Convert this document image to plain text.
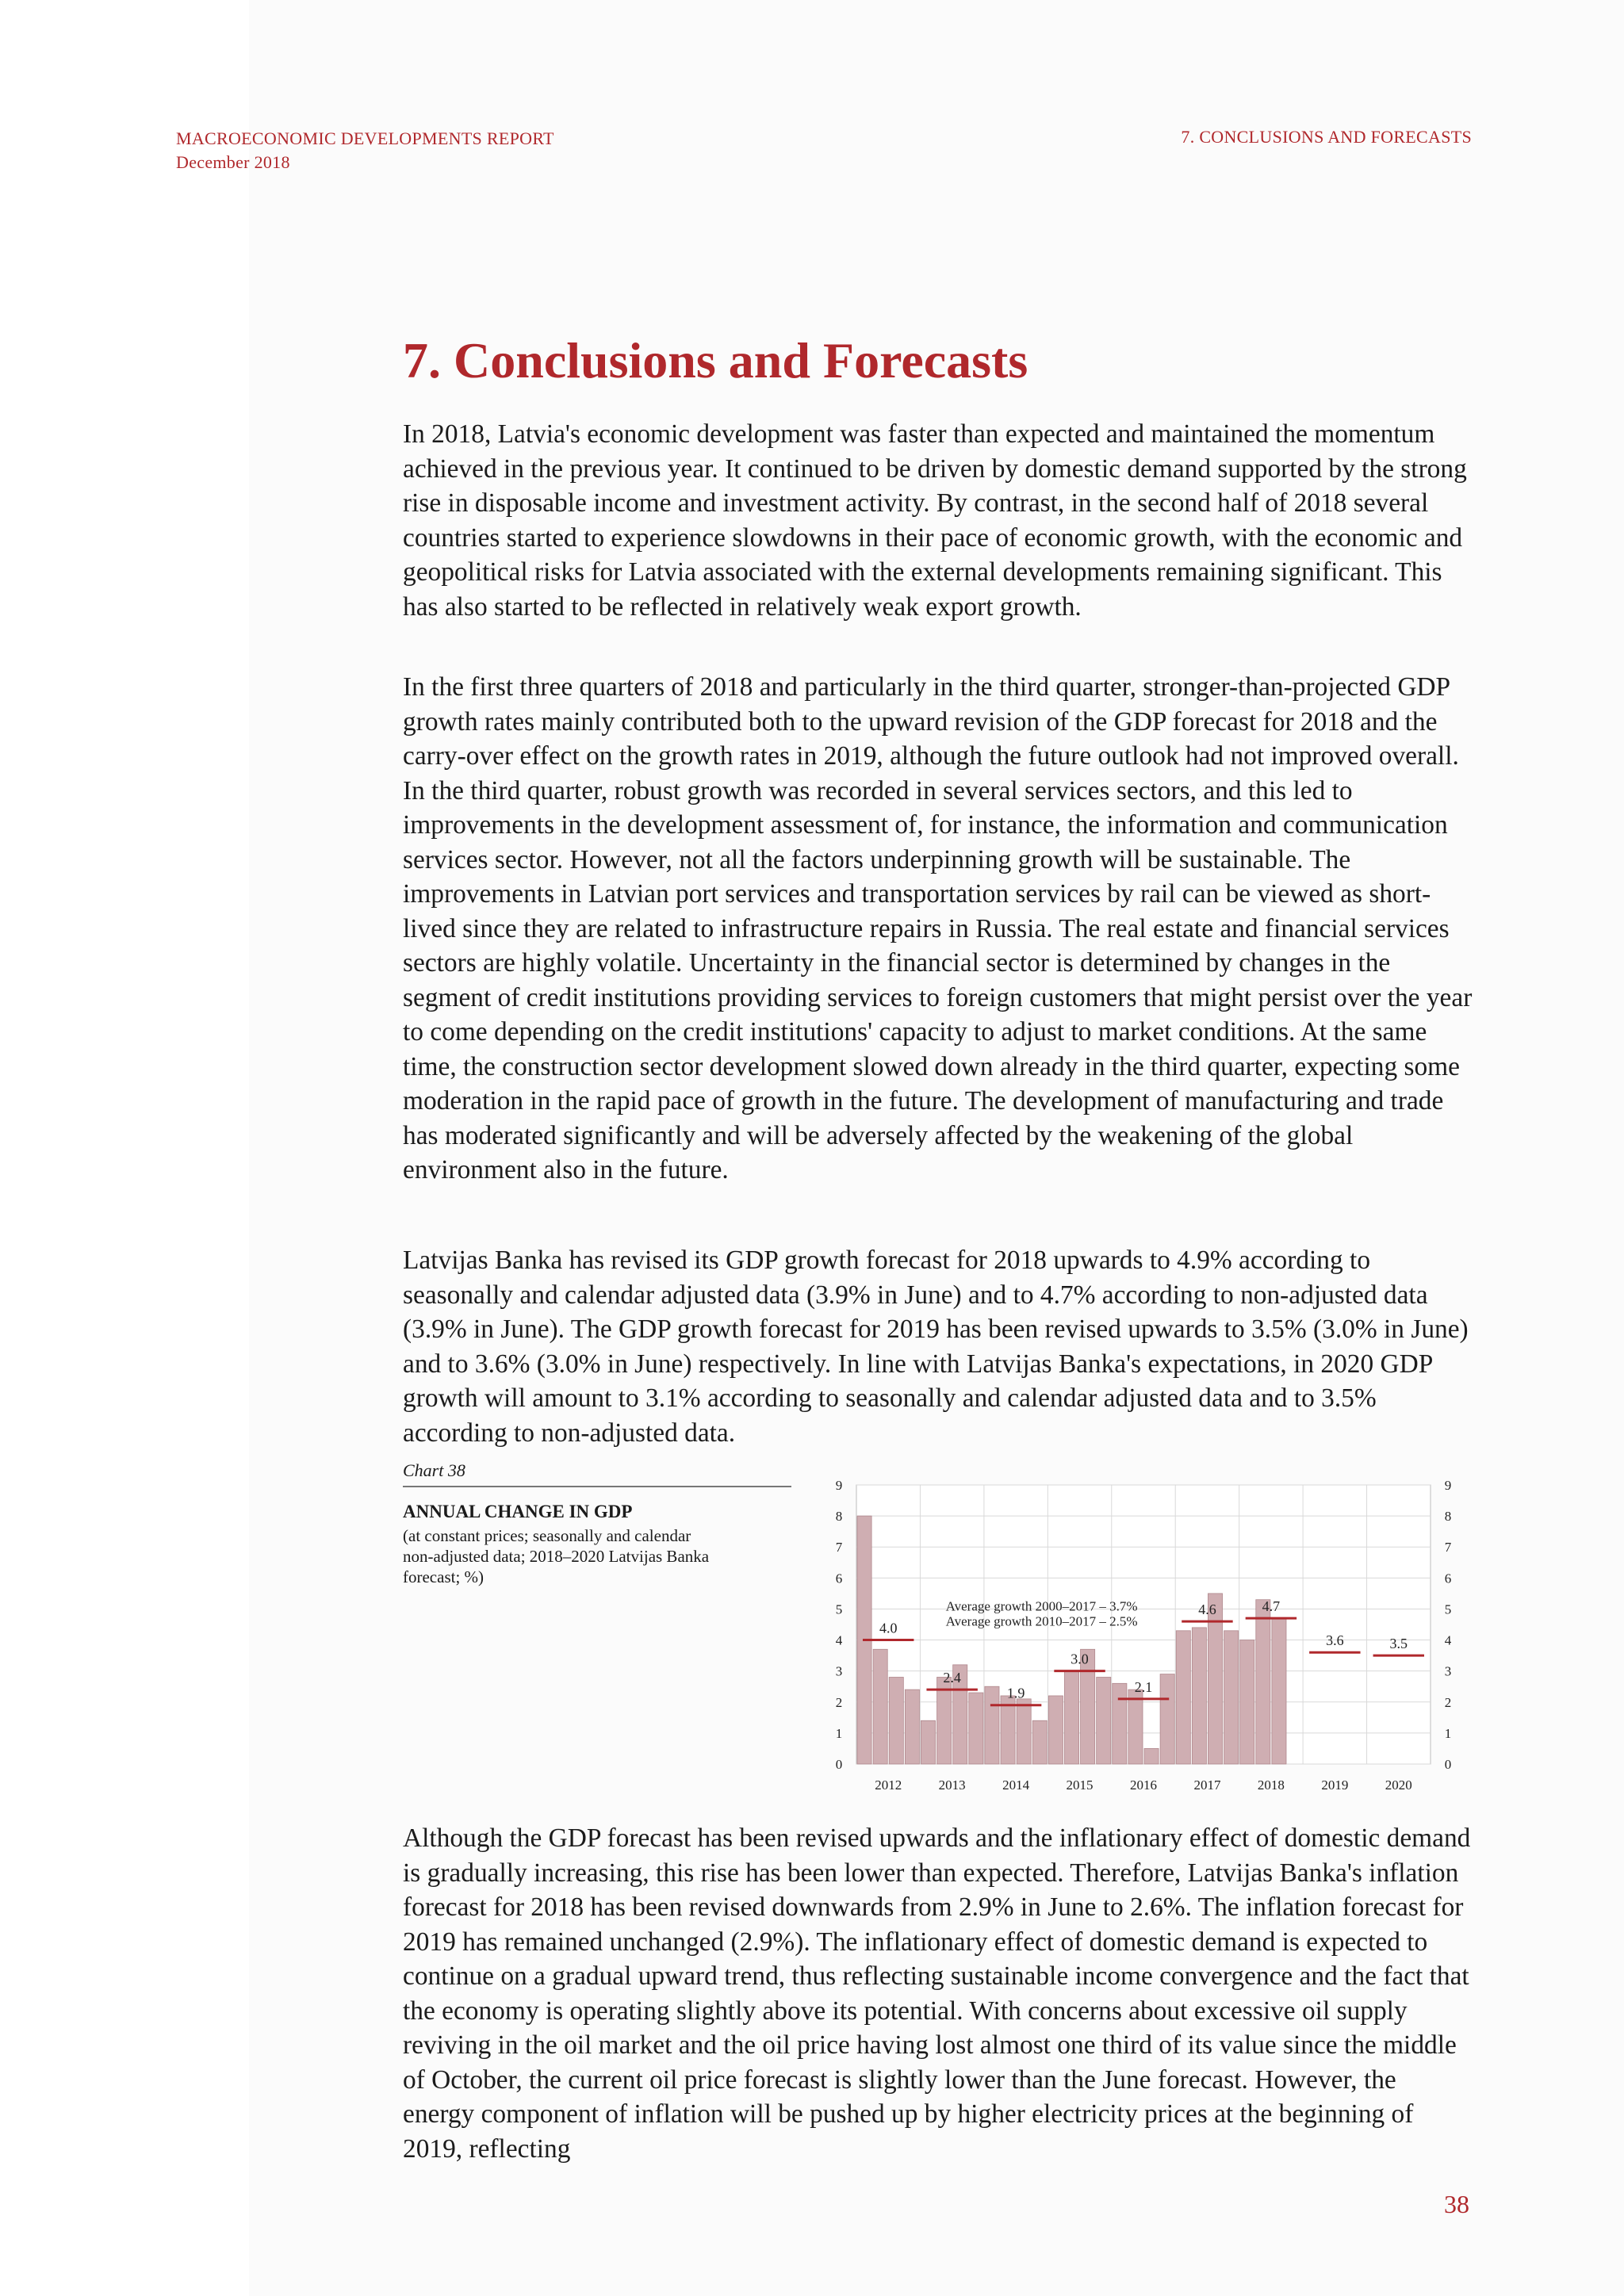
MACROECONOMIC DEVELOPMENTS REPORT
December 2018
7. CONCLUSIONS AND FORECASTS
7. Conclusions and Forecasts

In 2018, Latvia's economic development was faster than expected and maintained the momentum achieved in the previous year. It continued to be driven by domestic demand supported by the strong rise in disposable income and investment activity. By contrast, in the second half of 2018 several countries started to experience slowdowns in their pace of economic growth, with the economic and geopolitical risks for Latvia associated with the external developments remaining significant. This has also started to be reflected in relatively weak export growth.

In the first three quarters of 2018 and particularly in the third quarter, stronger-than-projected GDP growth rates mainly contributed both to the upward revision of the GDP forecast for 2018 and the carry-over effect on the growth rates in 2019, although the future outlook had not improved overall. In the third quarter, robust growth was recorded in several services sectors, and this led to improvements in the development assessment of, for instance, the information and communication services sector. However, not all the factors underpinning growth will be sustainable. The improvements in Latvian port services and transportation services by rail can be viewed as short-lived since they are related to infrastructure repairs in Russia. The real estate and financial services sectors are highly volatile. Uncertainty in the financial sector is determined by changes in the segment of credit institutions providing services to foreign customers that might persist over the year to come depending on the credit institutions' capacity to adjust to market conditions. At the same time, the construction sector development slowed down already in the third quarter, expecting some moderation in the rapid pace of growth in the future. The development of manufacturing and trade has moderated significantly and will be adversely affected by the weakening of the global environment also in the future.

Latvijas Banka has revised its GDP growth forecast for 2018 upwards to 4.9% according to seasonally and calendar adjusted data (3.9% in June) and to 4.7% according to non-adjusted data (3.9% in June). The GDP growth forecast for 2019 has been revised upwards to 3.5% (3.0% in June) and to 3.6% (3.0% in June) respectively. In line with Latvijas Banka's expectations, in 2020 GDP growth will amount to 3.1% according to seasonally and calendar adjusted data and to 3.5% according to non-adjusted data.

Chart 38
ANNUAL CHANGE IN GDP
(at constant prices; seasonally and calendar
non-adjusted data; 2018–2020 Latvijas Banka
forecast; %)
0	0
1	1
2	2
3	3
4	4
5	5
6	6
7	7
8	8
9	9
2012	2013	2014	2015	2016	2017	2018	2019	2020
4.0
2.4
1.9
3.0
2.1
4.6	4.7
3.6	3.5
Average growth 2000–2017 – 3.7%
Average growth 2010–2017 – 2.5%

Although the GDP forecast has been revised upwards and the inflationary effect of domestic demand is gradually increasing, this rise has been lower than expected. Therefore, Latvijas Banka's inflation forecast for 2018 has been revised downwards from 2.9% in June to 2.6%. The inflation forecast for 2019 has remained unchanged (2.9%). The inflationary effect of domestic demand is expected to continue on a gradual upward trend, thus reflecting sustainable income convergence and the fact that the economy is operating slightly above its potential. With concerns about excessive oil supply reviving in the oil market and the oil price having lost almost one third of its value since the middle of October, the current oil price forecast is slightly lower than the June forecast. However, the energy component of inflation will be pushed up by higher electricity prices at the beginning of 2019, reflecting

38
